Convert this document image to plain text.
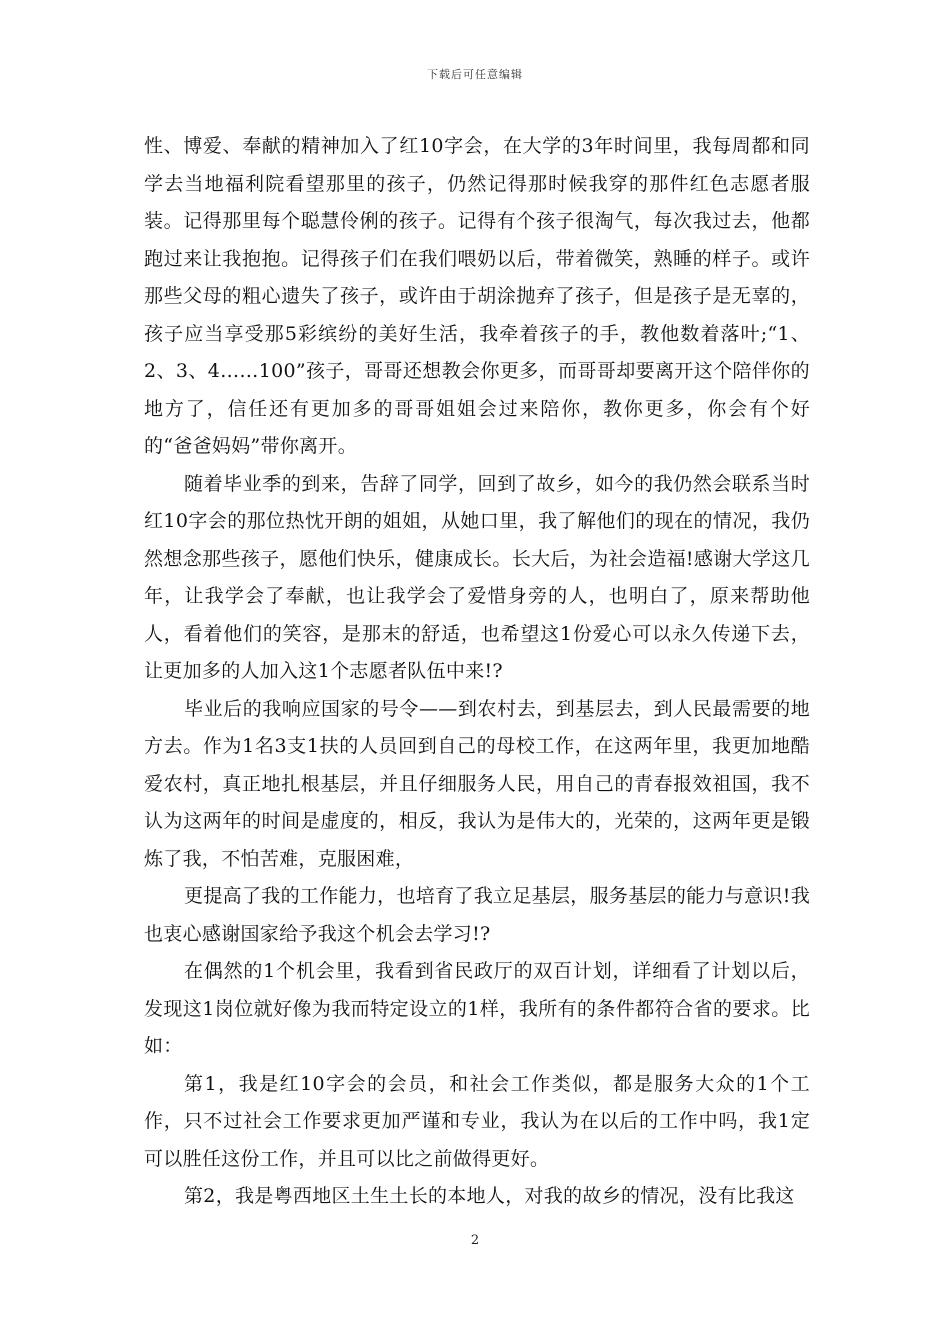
下载后可任意编辑

性、博爱、奉献的精神加入了红10字会，在大学的3年时间里，我每周都和同学去当地福利院看望那里的孩子，仍然记得那时候我穿的那件红色志愿者服装。记得那里每个聪慧伶俐的孩子。记得有个孩子很淘气，每次我过去，他都跑过来让我抱抱。记得孩子们在我们喂奶以后，带着微笑，熟睡的样子。或许那些父母的粗心遗失了孩子，或许由于胡涂抛弃了孩子，但是孩子是无辜的，孩子应当享受那5彩缤纷的美好生活，我牵着孩子的手，教他数着落叶;“1、2、3、4……100”孩子，哥哥还想教会你更多，而哥哥却要离开这个陪伴你的地方了，信任还有更加多的哥哥姐姐会过来陪你，教你更多，你会有个好的“爸爸妈妈”带你离开。

随着毕业季的到来，告辞了同学，回到了故乡，如今的我仍然会联系当时红10字会的那位热忱开朗的姐姐，从她口里，我了解他们的现在的情况，我仍然想念那些孩子，愿他们快乐，健康成长。长大后，为社会造福!感谢大学这几年，让我学会了奉献，也让我学会了爱惜身旁的人，也明白了，原来帮助他人，看着他们的笑容，是那末的舒适，也希望这1份爱心可以永久传递下去，让更加多的人加入这1个志愿者队伍中来!?

毕业后的我响应国家的号令——到农村去，到基层去，到人民最需要的地方去。作为1名3支1扶的人员回到自己的母校工作，在这两年里，我更加地酷爱农村，真正地扎根基层，并且仔细服务人民，用自己的青春报效祖国，我不认为这两年的时间是虚度的，相反，我认为是伟大的，光荣的，这两年更是锻炼了我，不怕苦难，克服困难，

更提高了我的工作能力，也培育了我立足基层，服务基层的能力与意识!我也衷心感谢国家给予我这个机会去学习!?

在偶然的1个机会里，我看到省民政厅的双百计划，详细看了计划以后，发现这1岗位就好像为我而特定设立的1样，我所有的条件都符合省的要求。比如：

第1，我是红10字会的会员，和社会工作类似，都是服务大众的1个工作，只不过社会工作要求更加严谨和专业，我认为在以后的工作中吗，我1定可以胜任这份工作，并且可以比之前做得更好。

第2，我是粤西地区土生土长的本地人，对我的故乡的情况，没有比我这

2
